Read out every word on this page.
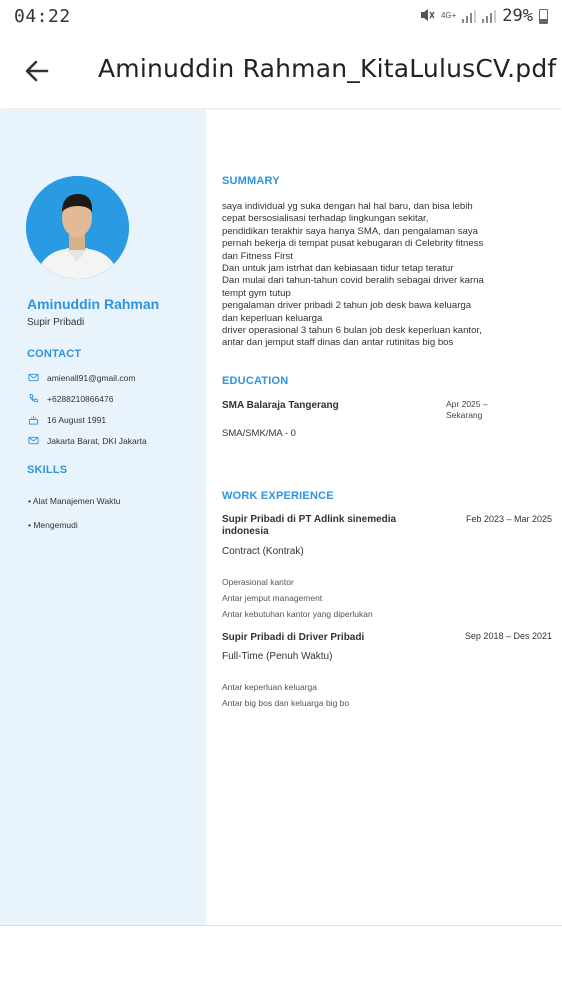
04:22	4G+	29%
Aminuddin Rahman_KitaLulusCV.pdf
Aminuddin Rahman
Supir Pribadi
CONTACT
amienall91@gmail.com
+6288210866476
16 August 1991
Jakarta Barat, DKI Jakarta
SKILLS
• Alat Manajemen Waktu
• Mengemudi
SUMMARY
saya individual yg suka dengan hal hal baru, dan bisa lebih
cepat bersosialisasi terhadap lingkungan sekitar,
pendidikan terakhir saya hanya SMA, dan pengalaman saya
pernah bekerja di tempat pusat kebugaran di Celebrity fitness
dan Fitness First
Dan untuk jam istrhat dan kebiasaan tidur tetap teratur
Dan mulai dari tahun-tahun covid beralih sebagai driver karna
tempt gym tutup
pengalaman driver pribadi 2 tahun job desk bawa keluarga
dan keperluan keluarga
driver operasional 3 tahun 6 bulan job desk keperluan kantor,
antar dan jemput staff dinas dan antar rutinitas big bos
EDUCATION
SMA Balaraja Tangerang	Apr 2025 –
Sekarang
SMA/SMK/MA - 0
WORK EXPERIENCE
Supir Pribadi di PT Adlink sinemedia indonesia
Feb 2023 – Mar 2025
Contract (Kontrak)
Operasional kantor
Antar jemput management
Antar kebutuhan kantor yang diperlukan
Supir Pribadi di Driver Pribadi	Sep 2018 – Des 2021
Full-Time (Penuh Waktu)
Antar keperluan keluarga
Antar big bos dan keluarga big bo
